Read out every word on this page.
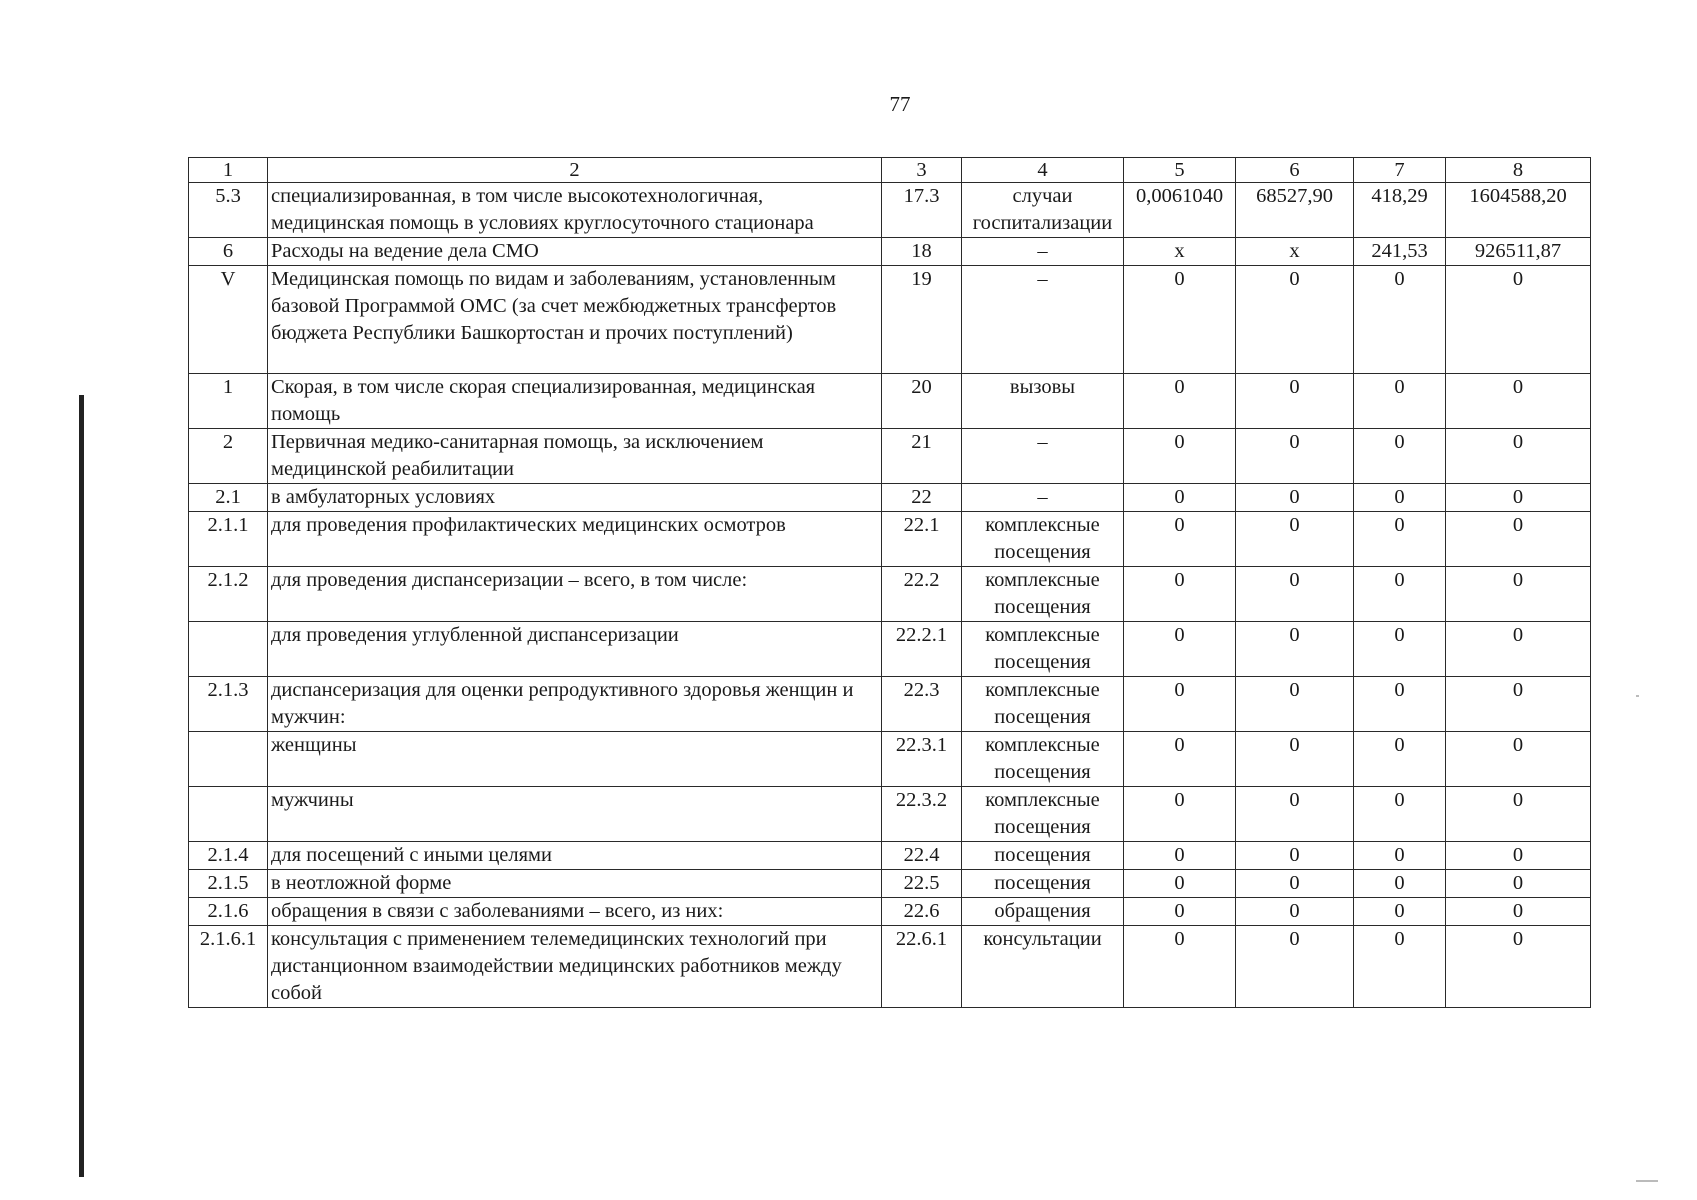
77
1	2	3	4	5	6	7	8
5.3	специализированная, в том числе высокотехнологичная, медицинская помощь в условиях круглосуточного стационара	17.3	случаи госпитализации	0,0061040	68527,90	418,29	1604588,20
6	Расходы на ведение дела СМО	18	–	x	x	241,53	926511,87
V	Медицинская помощь по видам и заболеваниям, установленным базовой Программой ОМС (за счет межбюджетных трансфертов бюджета Республики Башкортостан и прочих поступлений)	19	–	0	0	0	0
1	Скорая, в том числе скорая специализированная, медицинская помощь	20	вызовы	0	0	0	0
2	Первичная медико-санитарная помощь, за исключением медицинской реабилитации	21	–	0	0	0	0
2.1	в амбулаторных условиях	22	–	0	0	0	0
2.1.1	для проведения профилактических медицинских осмотров	22.1	комплексные посещения	0	0	0	0
2.1.2	для проведения диспансеризации – всего, в том числе:	22.2	комплексные посещения	0	0	0	0
	для проведения углубленной диспансеризации	22.2.1	комплексные посещения	0	0	0	0
2.1.3	диспансеризация для оценки репродуктивного здоровья женщин и мужчин:	22.3	комплексные посещения	0	0	0	0
	женщины	22.3.1	комплексные посещения	0	0	0	0
	мужчины	22.3.2	комплексные посещения	0	0	0	0
2.1.4	для посещений с иными целями	22.4	посещения	0	0	0	0
2.1.5	в неотложной форме	22.5	посещения	0	0	0	0
2.1.6	обращения в связи с заболеваниями – всего, из них:	22.6	обращения	0	0	0	0
2.1.6.1	консультация с применением телемедицинских технологий при дистанционном взаимодействии медицинских работников между собой	22.6.1	консультации	0	0	0	0
